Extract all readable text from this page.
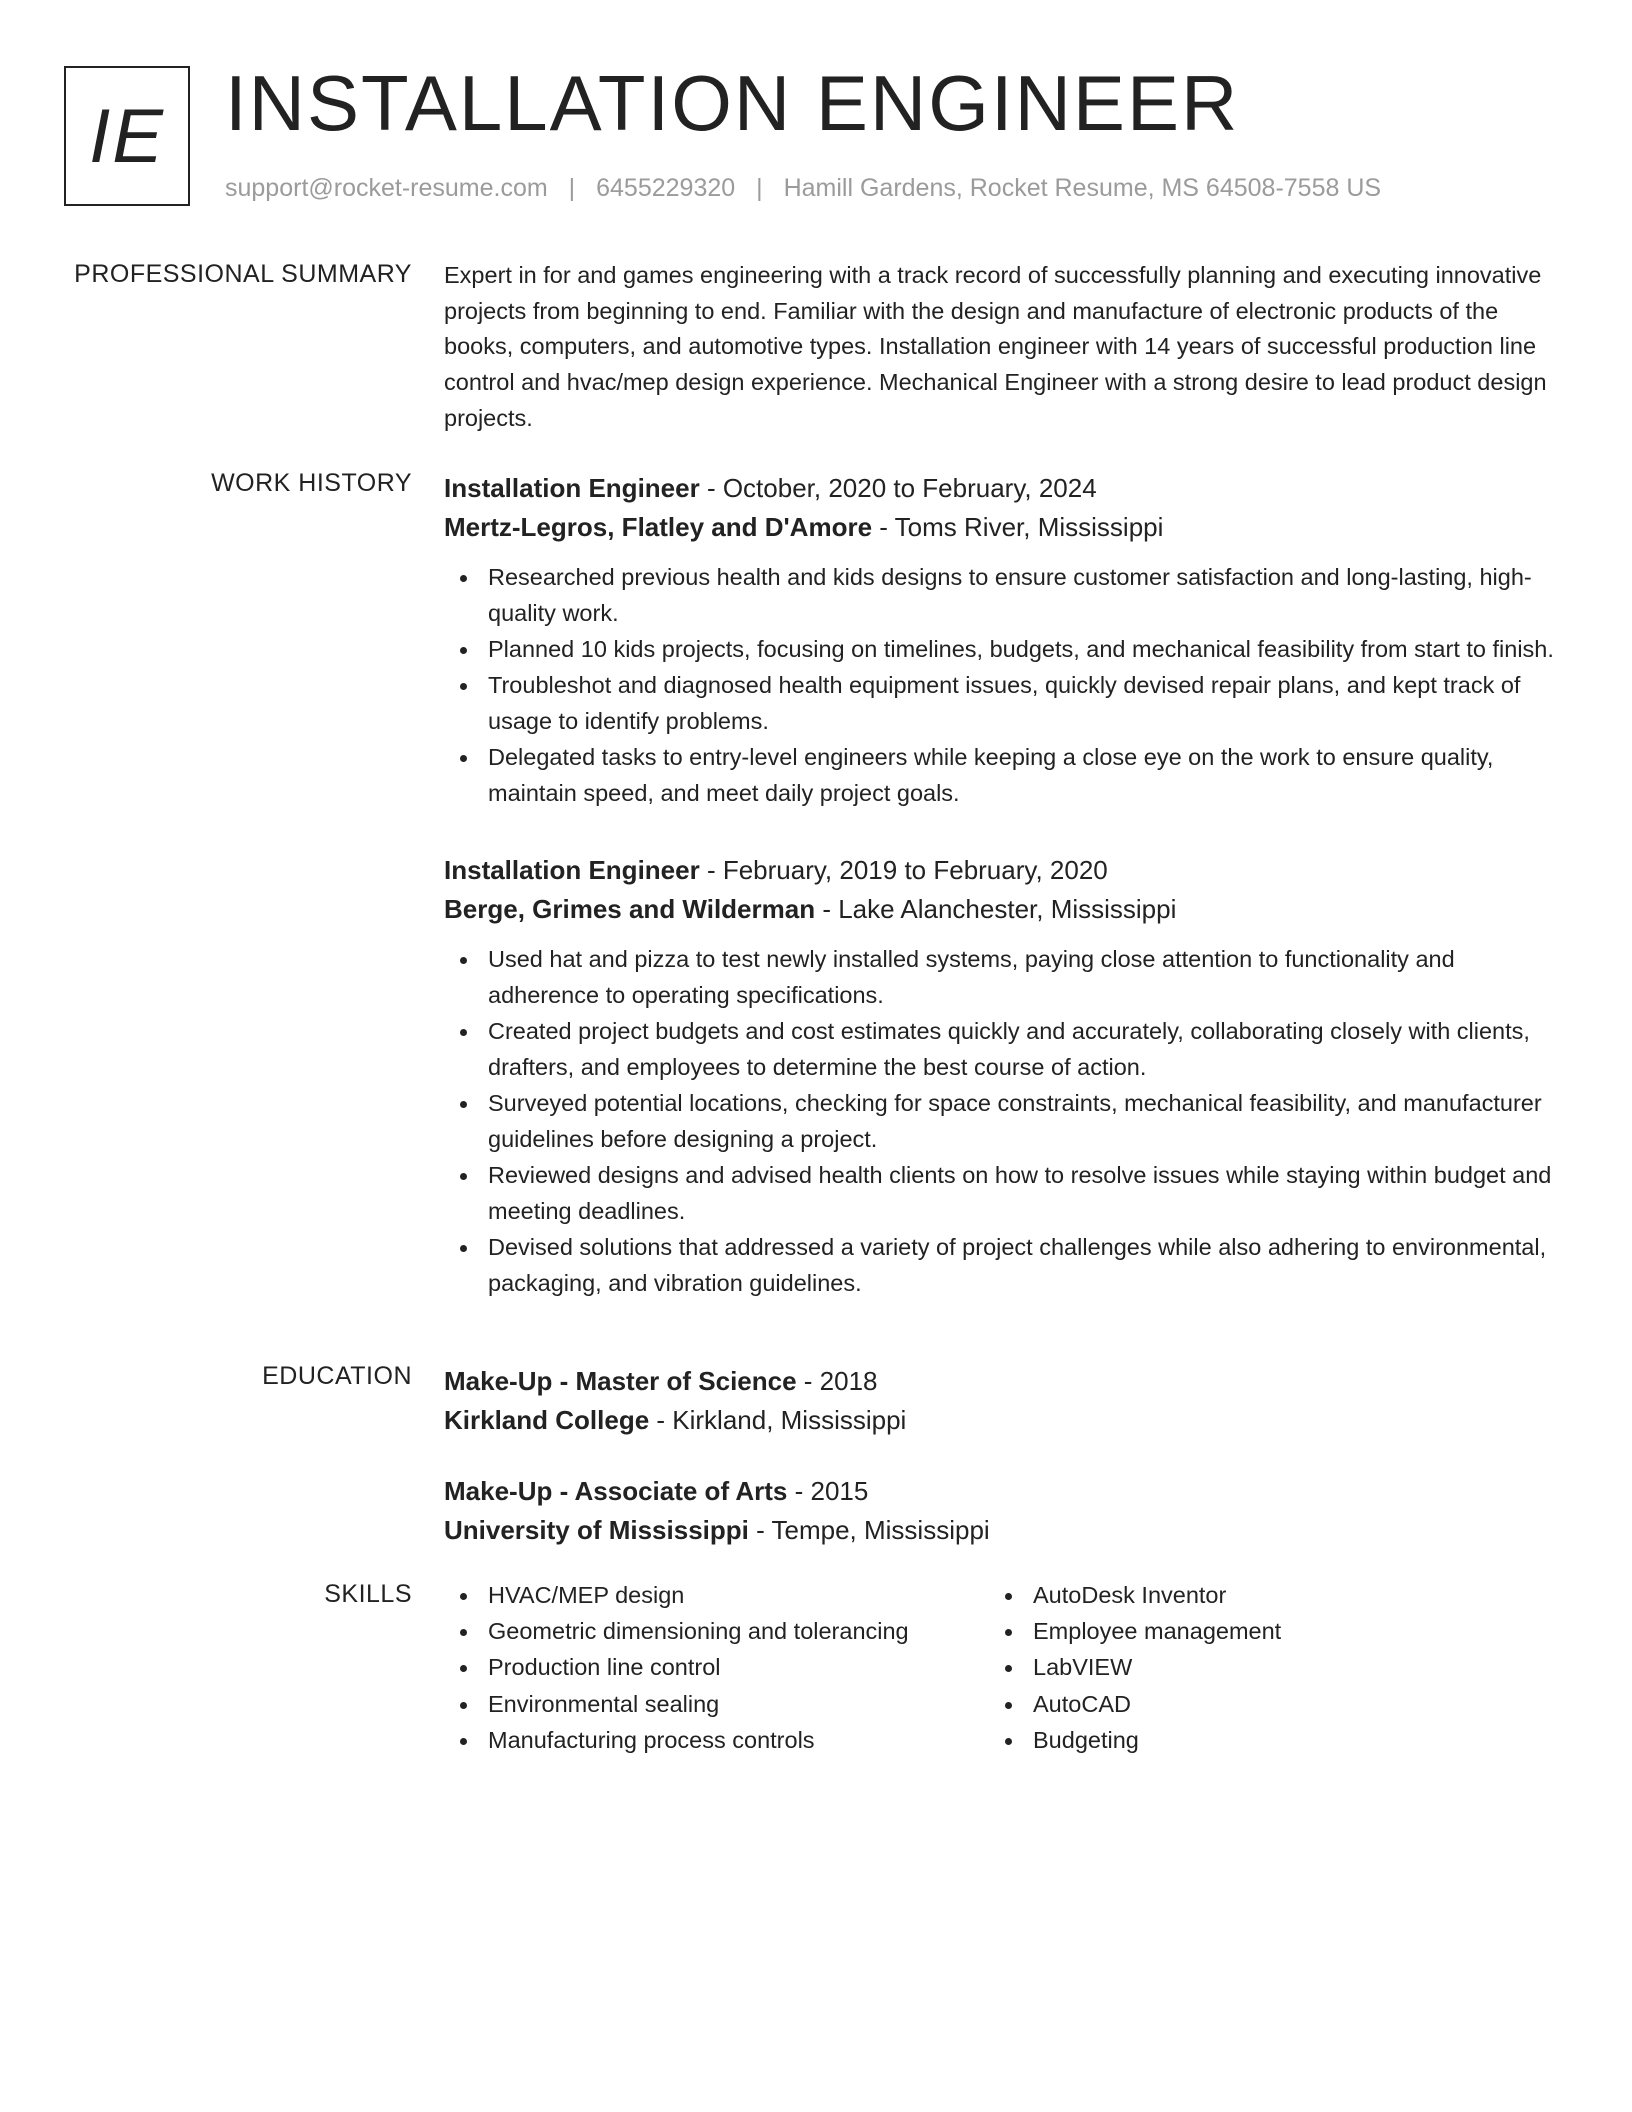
IE INSTALLATION ENGINEER
support@rocket-resume.com | 6455229320 | Hamill Gardens, Rocket Resume, MS 64508-7558 US
PROFESSIONAL SUMMARY Expert in for and games engineering with a track record of successfully planning and executing innovative projects from beginning to end. Familiar with the design and manufacture of electronic products of the books, computers, and automotive types. Installation engineer with 14 years of successful production line control and hvac/mep design experience. Mechanical Engineer with a strong desire to lead product design projects.

WORK HISTORY Installation Engineer - October, 2020 to February, 2024
Mertz-Legros, Flatley and D'Amore - Toms River, Mississippi
Researched previous health and kids designs to ensure customer satisfaction and long-lasting, high-quality work.
Planned 10 kids projects, focusing on timelines, budgets, and mechanical feasibility from start to finish.
Troubleshot and diagnosed health equipment issues, quickly devised repair plans, and kept track of usage to identify problems.
Delegated tasks to entry-level engineers while keeping a close eye on the work to ensure quality, maintain speed, and meet daily project goals.
Installation Engineer - February, 2019 to February, 2020
Berge, Grimes and Wilderman - Lake Alanchester, Mississippi
Used hat and pizza to test newly installed systems, paying close attention to functionality and adherence to operating specifications.
Created project budgets and cost estimates quickly and accurately, collaborating closely with clients, drafters, and employees to determine the best course of action.
Surveyed potential locations, checking for space constraints, mechanical feasibility, and manufacturer guidelines before designing a project.
Reviewed designs and advised health clients on how to resolve issues while staying within budget and meeting deadlines.
Devised solutions that addressed a variety of project challenges while also adhering to environmental, packaging, and vibration guidelines.
EDUCATION Make-Up - Master of Science - 2018
Kirkland College - Kirkland, Mississippi
Make-Up - Associate of Arts - 2015
University of Mississippi - Tempe, Mississippi
SKILLS	HVAC/MEP design
Geometric dimensioning and tolerancing
Production line control
Environmental sealing
Manufacturing process controls
AutoDesk Inventor
Employee management
LabVIEW
AutoCAD
Budgeting
